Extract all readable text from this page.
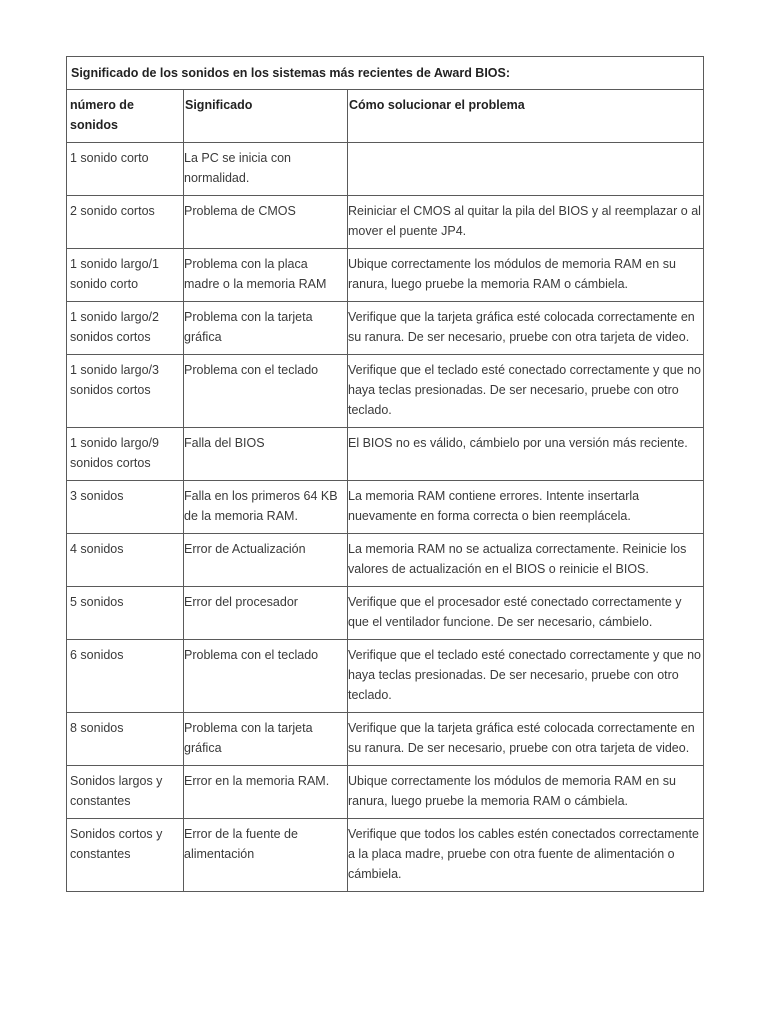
Significado de los sonidos en los sistemas más recientes de Award BIOS:		
número de sonidos	Significado	Cómo solucionar el problema
1 sonido corto	La PC se inicia con normalidad.	
2 sonido cortos	Problema de CMOS	Reiniciar el CMOS al quitar la pila del BIOS y al reemplazar o al mover el puente JP4.
1 sonido largo/1 sonido corto	Problema con la placa madre o la memoria RAM	Ubique correctamente los módulos de memoria RAM en su ranura, luego pruebe la memoria RAM o cámbiela.
1 sonido largo/2 sonidos cortos	Problema con la tarjeta gráfica	Verifique que la tarjeta gráfica esté colocada correctamente en su ranura. De ser necesario, pruebe con otra tarjeta de video.
1 sonido largo/3 sonidos cortos	Problema con el teclado	Verifique que el teclado esté conectado correctamente y que no haya teclas presionadas. De ser necesario, pruebe con otro teclado.
1 sonido largo/9 sonidos cortos	Falla del BIOS	El BIOS no es válido, cámbielo por una versión más reciente.
3 sonidos	Falla en los primeros 64 KB de la memoria RAM.	La memoria RAM contiene errores. Intente insertarla nuevamente en forma correcta o bien reemplácela.
4 sonidos	Error de Actualización	La memoria RAM no se actualiza correctamente. Reinicie los valores de actualización en el BIOS o reinicie el BIOS.
5 sonidos	Error del procesador	Verifique que el procesador esté conectado correctamente y que el ventilador funcione. De ser necesario, cámbielo.
6 sonidos	Problema con el teclado	Verifique que el teclado esté conectado correctamente y que no haya teclas presionadas. De ser necesario, pruebe con otro teclado.
8 sonidos	Problema con la tarjeta gráfica	Verifique que la tarjeta gráfica esté colocada correctamente en su ranura. De ser necesario, pruebe con otra tarjeta de video.
Sonidos largos y constantes	Error en la memoria RAM.	Ubique correctamente los módulos de memoria RAM en su ranura, luego pruebe la memoria RAM o cámbiela.
Sonidos cortos y constantes	Error de la fuente de alimentación	Verifique que todos los cables estén conectados correctamente a la placa madre, pruebe con otra fuente de alimentación o cámbiela.
